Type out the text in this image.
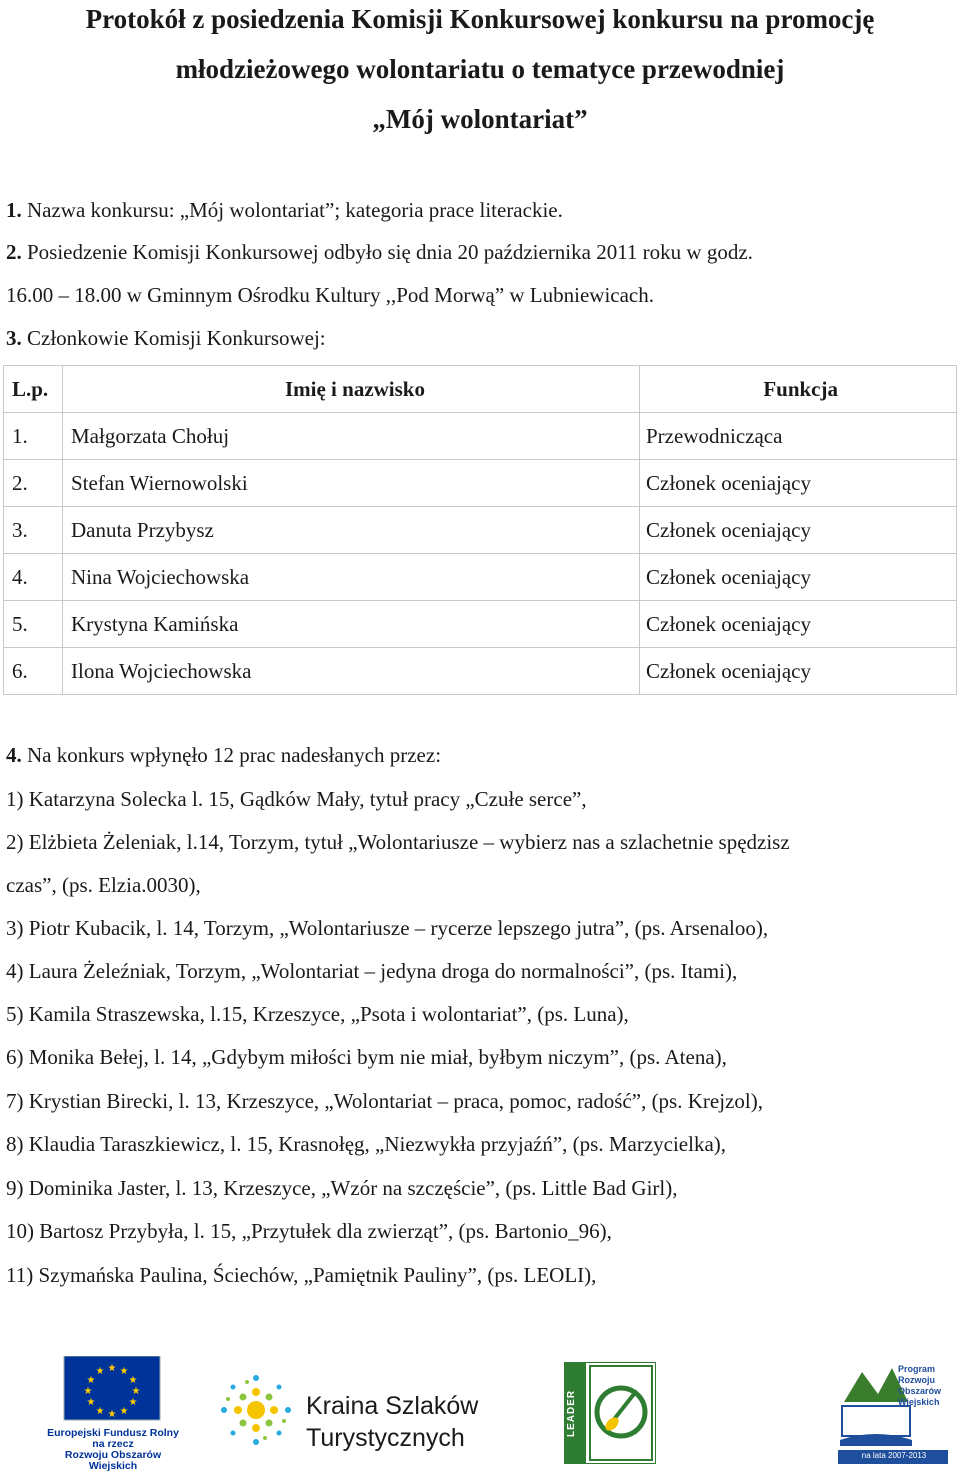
Protokół z posiedzenia Komisji Konkursowej konkursu na promocję
młodzieżowego wolontariatu o tematyce przewodniej
„Mój wolontariat”
1. Nazwa konkursu: „Mój wolontariat”; kategoria prace literackie.
2. Posiedzenie Komisji Konkursowej odbyło się dnia 20 października 2011 roku w godz.
16.00 – 18.00 w Gminnym Ośrodku Kultury ,,Pod Morwą” w Lubniewicach.
3. Członkowie Komisji Konkursowej:
L.p.	Imię i nazwisko	Funkcja
1.	Małgorzata Chołuj	Przewodnicząca
2.	Stefan Wiernowolski	Członek oceniający
3.	Danuta Przybysz	Członek oceniający
4.	Nina Wojciechowska	Członek oceniający
5.	Krystyna Kamińska	Członek oceniający
6.	Ilona Wojciechowska	Członek oceniający
4. Na konkurs wpłynęło 12 prac nadesłanych przez:
1) Katarzyna Solecka l. 15, Gądków Mały, tytuł pracy „Czułe serce”,
2) Elżbieta Żeleniak, l.14, Torzym, tytuł „Wolontariusze – wybierz nas a szlachetnie spędzisz
czas”, (ps. Elzia.0030),
3) Piotr Kubacik, l. 14, Torzym, „Wolontariusze – rycerze lepszego jutra”, (ps. Arsenaloo),
4) Laura Żeleźniak, Torzym, „Wolontariat – jedyna droga do normalności”, (ps. Itami),
5) Kamila Straszewska, l.15, Krzeszyce, „Psota i wolontariat”, (ps. Luna),
6) Monika Bełej, l. 14, „Gdybym miłości bym nie miał, byłbym niczym”, (ps. Atena),
7) Krystian Birecki, l. 13, Krzeszyce, „Wolontariat – praca, pomoc, radość”, (ps. Krejzol),
8) Klaudia Taraszkiewicz, l. 15, Krasnołęg, „Niezwykła przyjaźń”, (ps. Marzycielka),
9) Dominika Jaster, l. 13, Krzeszyce, „Wzór na szczęście”, (ps. Little Bad Girl),
10) Bartosz Przybyła, l. 15, „Przytułek dla zwierząt”, (ps. Bartonio_96),
11) Szymańska Paulina, Ściechów, „Pamiętnik Pauliny”, (ps. LEOLI),
★ ★
★
★
★
★
★
★
★
★
★
★
Europejski Fundusz Rolny
na rzecz
Rozwoju Obszarów Wiejskich
Kraina Szlaków
Turystycznych
LEADER
Program
Rozwoju
Obszarów
Wiejskich
na lata 2007-2013
